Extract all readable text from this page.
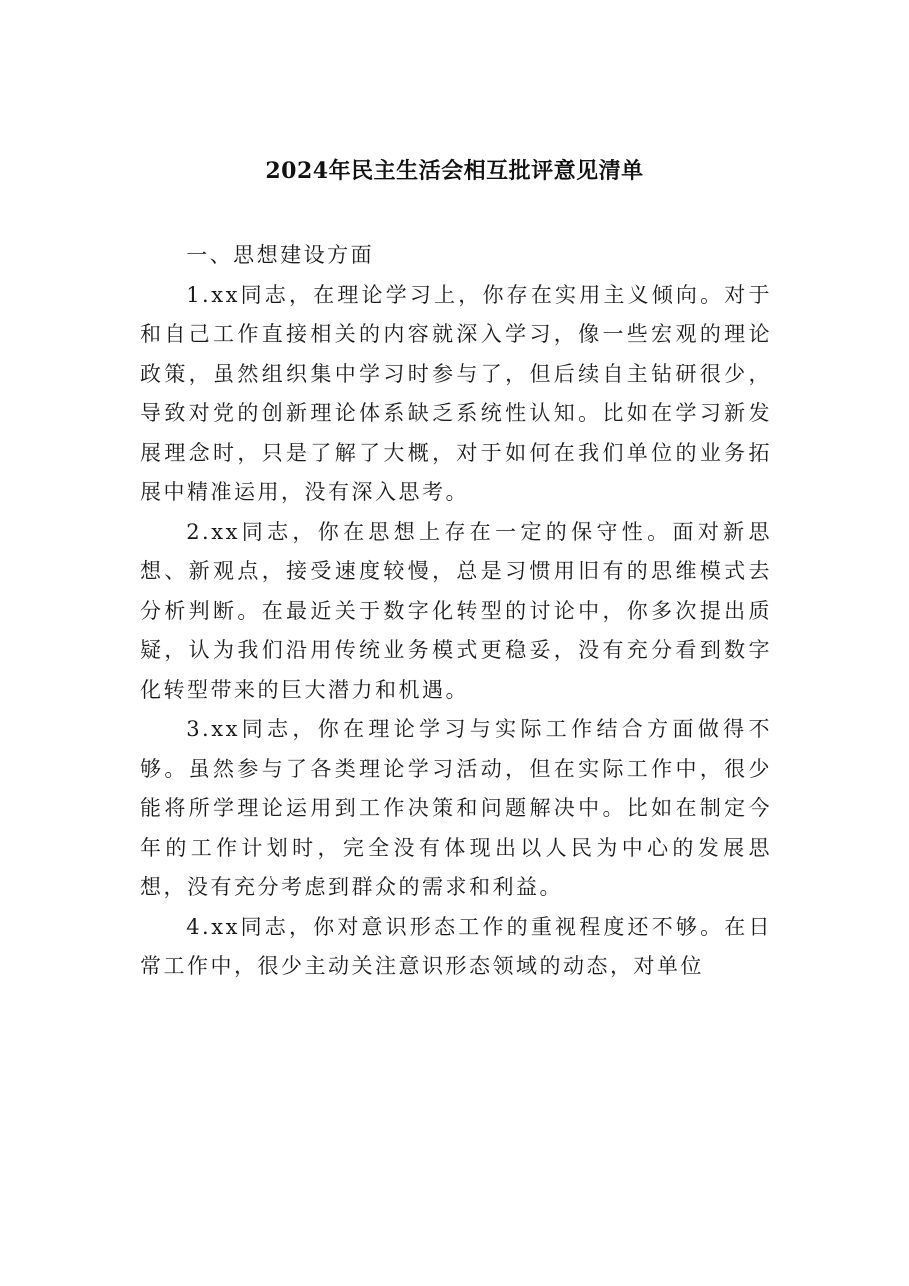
2024年民主生活会相互批评意见清单

一、思想建设方面

1.xx同志，在理论学习上，你存在实用主义倾向。对于和自己工作直接相关的内容就深入学习，像一些宏观的理论政策，虽然组织集中学习时参与了，但后续自主钻研很少，导致对党的创新理论体系缺乏系统性认知。比如在学习新发展理念时，只是了解了大概，对于如何在我们单位的业务拓展中精准运用，没有深入思考。

2.xx同志，你在思想上存在一定的保守性。面对新思想、新观点，接受速度较慢，总是习惯用旧有的思维模式去分析判断。在最近关于数字化转型的讨论中，你多次提出质疑，认为我们沿用传统业务模式更稳妥，没有充分看到数字化转型带来的巨大潜力和机遇。

3.xx同志，你在理论学习与实际工作结合方面做得不够。虽然参与了各类理论学习活动，但在实际工作中，很少能将所学理论运用到工作决策和问题解决中。比如在制定今年的工作计划时，完全没有体现出以人民为中心的发展思想，没有充分考虑到群众的需求和利益。

4.xx同志，你对意识形态工作的重视程度还不够。在日常工作中，很少主动关注意识形态领域的动态，对单位
